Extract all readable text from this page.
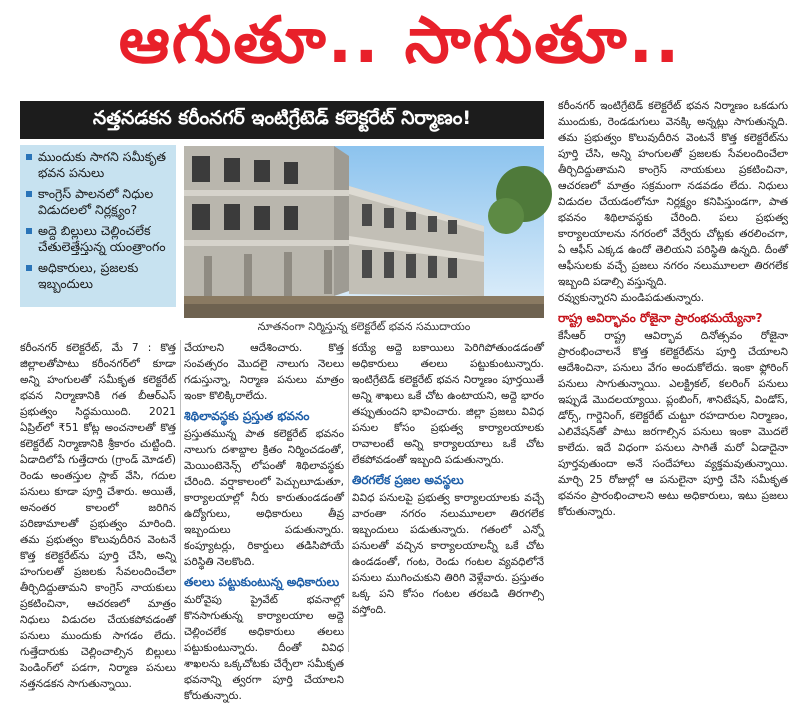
ఆగుతూ.. సాగుతూ..
నత్తనడకన కరీంనగర్ ఇంటిగ్రేటెడ్ కలెక్టరేట్ నిర్మాణం!
ముందుకు సాగని సమీకృత భవన పనులు
కాంగ్రెస్ పాలనలో నిధుల విడుదలలో నిర్లక్ష్యం?
అద్దె బిల్లులు చెల్లించలేక చేతులెత్తేస్తున్న యంత్రాంగం
అధికారులు, ప్రజలకు ఇబ్బందులు
నూతనంగా నిర్మిస్తున్న కలెక్టరేట్ భవన సముదాయం

కరీంనగర్ కలెక్టరేట్, మే 7 : కొత్త జిల్లాలతోపాటు కరీంనగర్‌లో కూడా అన్ని హంగులతో సమీకృత కలెక్టరేట్ భవన నిర్మాణానికి గత బీఆర్ఎస్ ప్రభుత్వం సిద్ధమయింది. 2021 ఏప్రిల్‌లో ₹51 కోట్ల అంచనాలతో కొత్త కలెక్టరేట్ నిర్మాణానికి శ్రీకారం చుట్టింది. ఏడాదిలోపే గుత్తేదారు (గ్రాండ్ మోడల్) రెండు అంతస్తుల స్లాబ్ వేసి, గదుల పనులు కూడా పూర్తి చేశారు. అయితే, అనంతర కాలంలో జరిగిన పరిణామాలతో ప్రభుత్వం మారింది. తమ ప్రభుత్వం కొలువుదీరిన వెంటనే కొత్త కలెక్టరేట్‌ను పూర్తి చేసి, అన్ని హంగులతో ప్రజలకు సేవలందించేలా తీర్చిదిద్దుతామని కాంగ్రెస్ నాయకులు ప్రకటించినా, ఆచరణలో మాత్రం నిధులు విడుదల చేయకపోవడంతో పనులు ముందుకు సాగడం లేదు. గుత్తేదారుకు చెల్లించాల్సిన బిల్లులు పెండింగ్‌లో పడగా, నిర్మాణ పనులు నత్తనడకన సాగుతున్నాయి.

చేయాలని ఆదేశించారు. కొత్త సంవత్సరం మొదలై నాలుగు నెలలు గడుస్తున్నా, నిర్మాణ పనులు మాత్రం ఇంకా కొలిక్కిరాలేదు.

శిథిలావస్థకు ప్రస్తుత భవనం

ప్రస్తుతమున్న పాత కలెక్టరేట్ భవనం నాలుగు దశాబ్దాల క్రితం నిర్మించడంతో, మెయింటెనెన్స్ లోపంతో శిథిలావస్థకు చేరింది. వర్షాకాలంలో పెచ్చులూడుతూ, కార్యాలయాల్లో నీరు కారుతుండడంతో ఉద్యోగులు, అధికారులు తీవ్ర ఇబ్బందులు పడుతున్నారు. కంప్యూటర్లు, రికార్డులు తడిసిపోయే పరిస్థితి నెలకొంది.

తలలు పట్టుకుంటున్న అధికారులు

మరోవైపు ప్రైవేట్ భవనాల్లో కొనసాగుతున్న కార్యాలయాల అద్దె చెల్లించలేక అధికారులు తలలు పట్టుకుంటున్నారు. దీంతో వివిధ శాఖలను ఒక్కచోటకు చేర్చేలా సమీకృత భవనాన్ని త్వరగా పూర్తి చేయాలని కోరుతున్నారు.

కయ్యే అద్దె బకాయిలు పెరిగిపోతుండడంతో అధికారులు తలలు పట్టుకుంటున్నారు. ఇంటిగ్రేటెడ్ కలెక్టరేట్ భవన నిర్మాణం పూర్తయితే అన్ని శాఖలు ఒకే చోట ఉంటాయని, అద్దె భారం తప్పుతుందని భావించారు. జిల్లా ప్రజలు వివిధ పనుల కోసం ప్రభుత్వ కార్యాలయాలకు రావాలంటే అన్ని కార్యాలయాలు ఒకే చోట లేకపోవడంతో ఇబ్బంది పడుతున్నారు.

తిరగలేక ప్రజల అవస్థలు

వివిధ పనులపై ప్రభుత్వ కార్యాలయాలకు వచ్చే వారంతా నగరం నలుమూలలా తిరగలేక ఇబ్బందులు పడుతున్నారు. గతంలో ఎన్నో పనులతో వచ్చిన కార్యాలయాలన్నీ ఒకే చోట ఉండడంతో, గంట, రెండు గంటల వ్యవధిలోనే పనులు ముగించుకుని తిరిగి వెళ్లేవారు. ప్రస్తుతం ఒక్క పని కోసం గంటల తరబడి తిరగాల్సి వస్తోంది.

కరీంనగర్ ఇంటిగ్రేటెడ్ కలెక్టరేట్ భవన నిర్మాణం ఒకడుగు ముందుకు, రెండడుగులు వెనక్కి అన్నట్లు సాగుతున్నది. తమ ప్రభుత్వం కొలువుదీరిన వెంటనే కొత్త కలెక్టరేట్‌ను పూర్తి చేసి, అన్ని హంగులతో ప్రజలకు సేవలందించేలా తీర్చిదిద్దుతామని కాంగ్రెస్ నాయకులు ప్రకటించినా, ఆచరణలో మాత్రం సక్రమంగా నడవడం లేదు. నిధులు విడుదల చేయడంలోనూ నిర్లక్ష్యం కనిపిస్తుండగా, పాత భవనం శిథిలావస్థకు చేరింది. పలు ప్రభుత్వ కార్యాలయాలను నగరంలో వేర్వేరు చోట్లకు తరలించగా, ఏ ఆఫీస్ ఎక్కడ ఉందో తెలియని పరిస్థితి ఉన్నది. దీంతో ఆఫీసులకు వచ్చే ప్రజలు నగరం నలుమూలలా తిరగలేక ఇబ్బంది పడాల్సి వస్తున్నది.

రవ్వుకున్నారని మండిపడుతున్నారు.

రాష్ట్ర అవిర్భావం రోజైనా ప్రారంభమయ్యేనా?

కేసీఆర్ రాష్ట్ర ఆవిర్భావ దినోత్సవం రోజైనా ప్రారంభించాలనే కొత్త కలెక్టరేట్‌ను పూర్తి చేయాలని ఆదేశించినా, పనులు వేగం అందుకోలేదు. ఇంకా ఫ్లోరింగ్ పనులు సాగుతున్నాయి. ఎలక్ట్రికల్, కలరింగ్ పనులు ఇప్పుడే మొదలయ్యాయి. ప్లంబింగ్, శానిటేషన్, విండోస్, డోర్స్, గార్డెనింగ్, కలెక్టరేట్ చుట్టూ రహదారుల నిర్మాణం, ఎలివేషన్‌తో పాటు జరగాల్సిన పనులు ఇంకా మొదలే కాలేదు. ఇదే విధంగా పనులు సాగితే మరో ఏడాదైనా పూర్తవుతుందా అనే సందేహాలు వ్యక్తమవుతున్నాయి. మార్చి 25 రోజుల్లో ఆ పనులైనా పూర్తి చేసి సమీకృత భవనం ప్రారంభించాలని అటు అధికారులు, ఇటు ప్రజలు కోరుతున్నారు.
